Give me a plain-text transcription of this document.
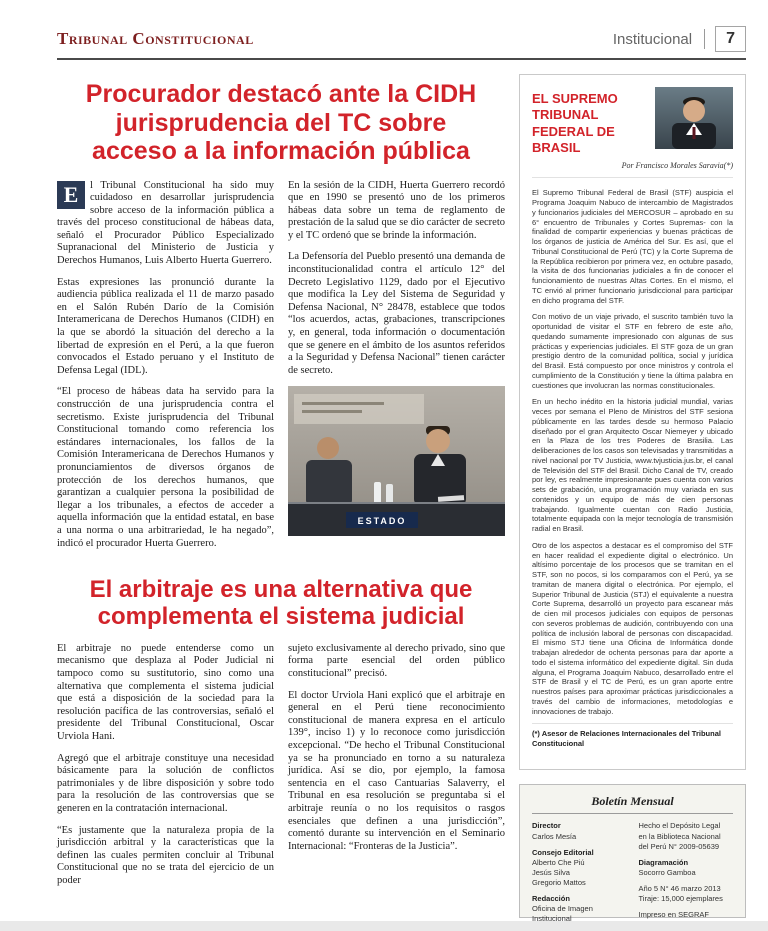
Tribunal Constitucional	Institucional	7
Procurador destacó ante la CIDH
jurisprudencia del TC sobre
acceso a la información pública

E	l Tribunal Constitucional ha sido muy cuidadoso en desarrollar jurisprudencia sobre acceso de la información pública a través del proceso constitucional de hábeas data, señaló el Procurador Público Especializado Supranacional del Ministerio de Justicia y Derechos Humanos, Luis Alberto Huerta Guerrero.

Estas expresiones las pronunció durante la audiencia pública realizada el 11 de marzo pasado en el Salón Rubén Darío de la Comisión Interamericana de Derechos Humanos (CIDH) en la que se abordó la situación del derecho a la libertad de expresión en el Perú, a la que fueron convocados el Estado peruano y el Instituto de Defensa Legal (IDL).

“El proceso de hábeas data ha servido para la construcción de una jurisprudencia contra el secretismo. Existe jurisprudencia del Tribunal Constitucional tomando como referencia los estándares internacionales, los fallos de la Comisión Interamericana de Derechos Humanos y pronunciamientos de diversos órganos de protección de los derechos humanos, que garantizan a cualquier persona la posibilidad de llegar a los tribunales, a efectos de acceder a aquella información que la entidad estatal, en base a una norma o una arbitrariedad, le ha negado”, indicó el procurador Huerta Guerrero.

En la sesión de la CIDH, Huerta Guerrero recordó que en 1990 se presentó uno de los primeros hábeas data sobre un tema de reglamento de prestación de la salud que se dio carácter de secreto y el TC ordenó que se brinde la información.

La Defensoría del Pueblo presentó una demanda de inconstitucionalidad contra el artículo 12° del Decreto Legislativo 1129, dado por el Ejecutivo que modifica la Ley del Sistema de Seguridad y Defensa Nacional, N° 28478, establece que todos “los acuerdos, actas, grabaciones, transcripciones y, en general, toda información o documentación que se genere en el ámbito de los asuntos referidos a la Seguridad y Defensa Nacional” tienen carácter de secreto.

ESTADO
El arbitraje es una alternativa que
complementa el sistema judicial

El arbitraje no puede entenderse como un mecanismo que desplaza al Poder Judicial ni tampoco como su sustitutorio, sino como una alternativa que complementa el sistema judicial que está a disposición de la sociedad para la resolución pacífica de las controversias, señaló el presidente del Tribunal Constitucional, Oscar Urviola Hani.

Agregó que el arbitraje constituye una necesidad básicamente para la solución de conflictos patrimoniales y de libre disposición y sobre todo para la resolución de las controversias que se generen en la contratación internacional.

“Es justamente que la naturaleza propia de la jurisdicción arbitral y la características que la definen las cuales permiten concluir al Tribunal Constitucional que no se trata del ejercicio de un poder

sujeto exclusivamente al derecho privado, sino que forma parte esencial del orden público constitucional” precisó.

El doctor Urviola Hani explicó que el arbitraje en general en el Perú tiene reconocimiento constitucional de manera expresa en el artículo 139°, inciso 1) y lo reconoce como jurisdicción excepcional. “De hecho el Tribunal Constitucional ya se ha pronunciado en torno a su naturaleza jurídica. Así se dio, por ejemplo, la famosa sentencia en el caso Cantuarias Salaverry, el Tribunal en esa resolución se preguntaba si el arbitraje reunía o no los requisitos o rasgos esenciales que definen a una jurisdicción”, comentó durante su intervención en el Seminario Internacional: “Fronteras de la Justicia”.

EL SUPREMO TRIBUNAL
FEDERAL DE BRASIL
Por Francisco Morales Saravia(*)

El Supremo Tribunal Federal de Brasil (STF) auspicia el Programa Joaquim Nabuco de intercambio de Magistrados y funcionarios judiciales del MERCOSUR – aprobado en su 6° encuentro de Tribunales y Cortes Supremas- con la finalidad de compartir experiencias y buenas prácticas de los órganos de justicia de América del Sur. Es así, que el Tribunal Constitucional de Perú (TC) y la Corte Suprema de la República recibieron por primera vez, en octubre pasado, la visita de dos funcionarias judiciales a fin de conocer el funcionamiento de nuestras Altas Cortes. En el mismo, el TC envió al primer funcionario jurisdiccional para participar en dicho programa del STF.

Con motivo de un viaje privado, el suscrito también tuvo la oportunidad de visitar el STF en febrero de este año, quedando sumamente impresionado con algunas de sus prácticas y experiencias judiciales. El STF goza de un gran prestigio dentro de la comunidad política, social y jurídica del Brasil. Está compuesto por once ministros y controla el cumplimiento de la Constitución y tiene la última palabra en cuestiones que involucran las normas constitucionales.

En un hecho inédito en la historia judicial mundial, varias veces por semana el Pleno de Ministros del STF sesiona públicamente en las tardes desde su hermoso Palacio diseñado por el gran Arquitecto Oscar Niemeyer y ubicado en la Plaza de los tres Poderes de Brasilia. Las deliberaciones de los casos son televisadas y transmitidas a nivel nacional por TV Justicia, www.tvjusticia.jus.br, el canal de Televisión del STF del Brasil. Dicho Canal de TV, creado por ley, es realmente impresionante pues cuenta con varios sets de grabación, una programación muy variada en sus contenidos y un equipo de más de cien personas trabajando. Igualmente cuentan con Radio Justicia, totalmente equipada con la mejor tecnología de transmisión radial en Brasil.

Otro de los aspectos a destacar es el compromiso del STF en hacer realidad el expediente digital o electrónico. Un altísimo porcentaje de los procesos que se tramitan en el STF, son no pocos, si los comparamos con el Perú, ya se tramitan de manera digital o electrónica. Por ejemplo, el Superior Tribunal de Justicia (STJ) el equivalente a nuestra Corte Suprema, desarrolló un proyecto para escanear más de cien mil procesos judiciales con equipos de personas con severos problemas de audición, contribuyendo con una política de inclusión laboral de personas con discapacidad. El mismo STJ tiene una Oficina de Informática donde trabajan alrededor de ochenta personas para dar aporte a todo el sistema informático del expediente digital. Sin duda alguna, el Programa Joaquim Nabuco, desarrollado entre el STF de Brasil y el TC de Perú, es un gran aporte entre nuestros países para aproximar prácticas jurisdiccionales a través del cambio de informaciones, metodologías e innovaciones de trabajo.

(*) Asesor de Relaciones Internacionales del Tribunal Constitucional
Boletín Mensual
Director
Carlos Mesía
Consejo Editorial
Alberto Che Piú
Jesús Silva
Gregorio Mattos
Redacción
Oficina de Imagen
Institucional
Hecho el Depósito Legal
en la Biblioteca Nacional
del Perú N° 2009-05639
Diagramación
Socorro Gamboa
Año 5 N° 46 marzo 2013
Tiraje: 15,000 ejemplares
Impreso en SEGRAF
